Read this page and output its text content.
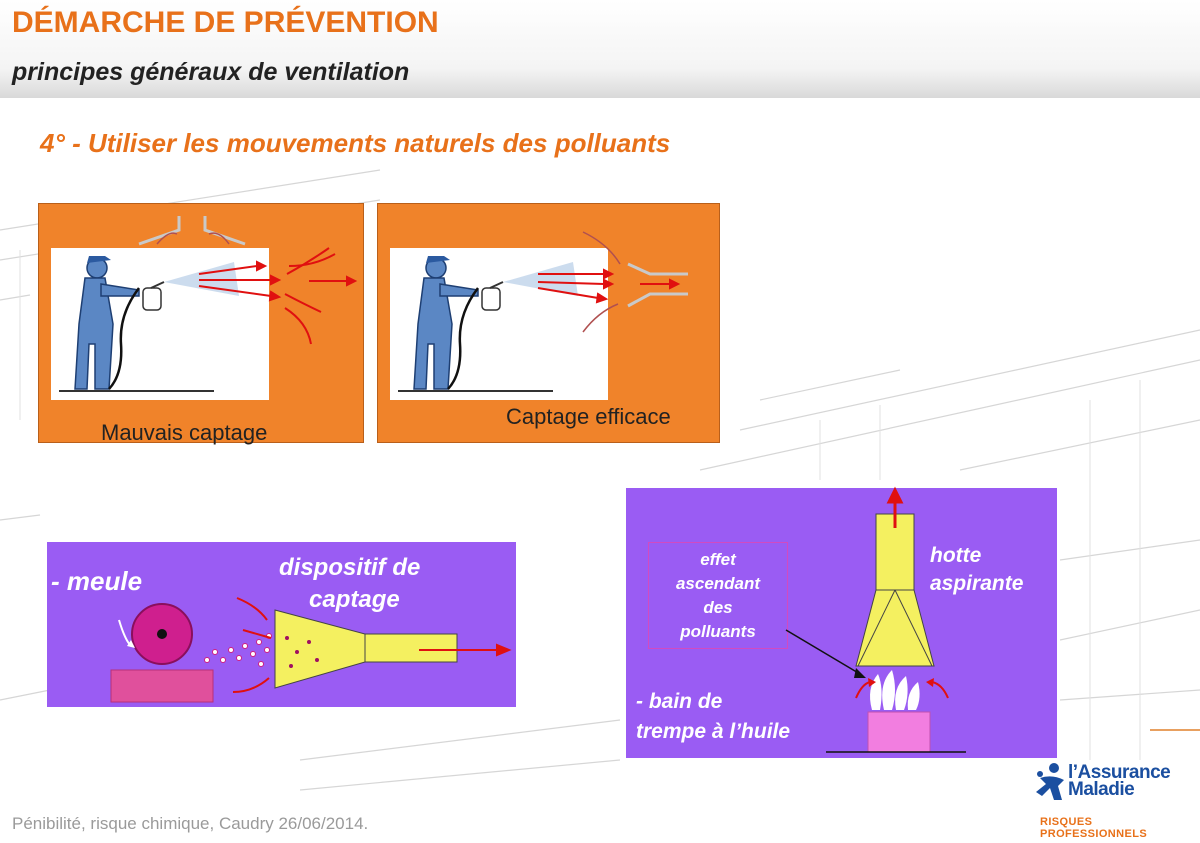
DÉMARCHE DE PRÉVENTION
principes généraux de ventilation
4° - Utiliser les mouvements naturels des polluants
Mauvais captage
Captage efficace
- meule	dispositif de
captage
effet
ascendant
des
polluants
hotte
aspirante
- bain de
trempe à l’huile
Pénibilité, risque chimique, Caudry 26/06/2014.
l’Assurance
Maladie
RISQUES PROFESSIONNELS
